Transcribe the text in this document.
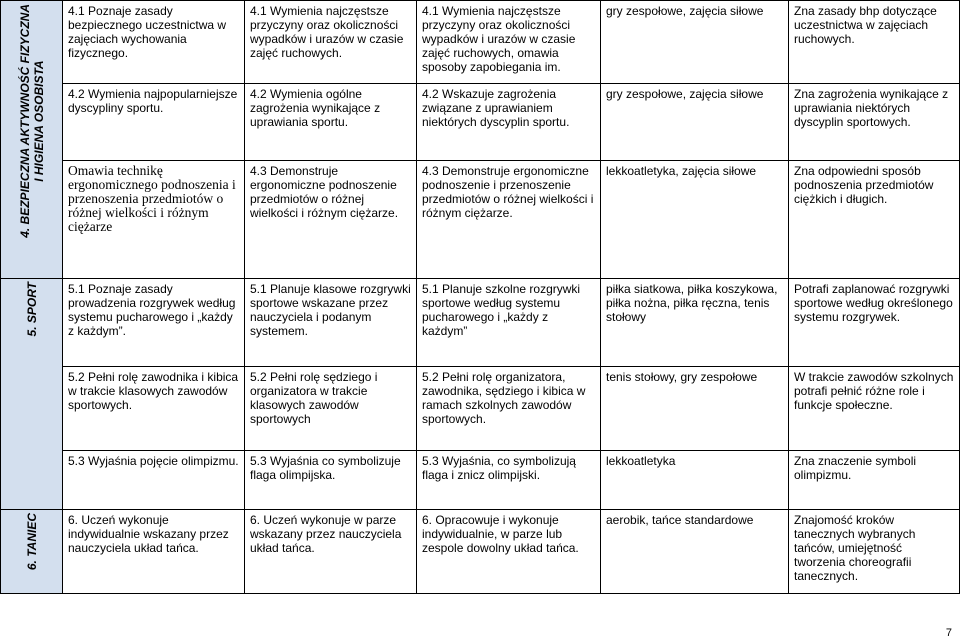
4. BEZPIECZNA AKTYWNOŚĆ FIZYCZNA
I HIGIENA OSOBISTA	4.1 Poznaje zasady bezpiecznego uczestnictwa w zajęciach wychowania fizycznego.	4.1 Wymienia najczęstsze przyczyny oraz okoliczności wypadków i urazów w czasie zajęć ruchowych.	4.1 Wymienia najczęstsze przyczyny oraz okoliczności wypadków i urazów w czasie zajęć ruchowych, omawia sposoby zapobiegania im.	gry zespołowe, zajęcia siłowe	Zna zasady bhp dotyczące uczestnictwa w zajęciach ruchowych.
	4.2 Wymienia najpopularniejsze dyscypliny sportu.	4.2 Wymienia ogólne zagrożenia wynikające z uprawiania sportu.	4.2 Wskazuje zagrożenia związane z uprawianiem niektórych dyscyplin sportu.	gry zespołowe, zajęcia siłowe	Zna zagrożenia wynikające z uprawiania niektórych dyscyplin sportowych.
	Omawia technikę ergonomicznego podnoszenia i przenoszenia przedmiotów o różnej wielkości i różnym ciężarze	4.3 Demonstruje ergonomiczne podnoszenie przedmiotów o różnej wielkości i różnym ciężarze.	4.3 Demonstruje ergonomiczne podnoszenie i przenoszenie przedmiotów o różnej wielkości i różnym ciężarze.	lekkoatletyka, zajęcia siłowe	Zna odpowiedni sposób podnoszenia przedmiotów ciężkich i długich.
5. SPORT	5.1 Poznaje zasady prowadzenia rozgrywek według systemu pucharowego i „każdy z każdym”.	5.1 Planuje klasowe rozgrywki sportowe wskazane przez nauczyciela i podanym systemem.	5.1 Planuje szkolne rozgrywki sportowe według systemu pucharowego i „każdy z każdym”	piłka siatkowa, piłka koszykowa, piłka nożna, piłka ręczna, tenis stołowy	Potrafi zaplanować rozgrywki sportowe według określonego systemu rozgrywek.
	5.2 Pełni rolę zawodnika i kibica w trakcie klasowych zawodów sportowych.	5.2 Pełni rolę sędziego i organizatora w trakcie klasowych zawodów sportowych	5.2 Pełni rolę organizatora, zawodnika, sędziego i kibica w ramach szkolnych zawodów sportowych.	tenis stołowy, gry zespołowe	W trakcie zawodów szkolnych potrafi pełnić różne role i funkcje społeczne.
	5.3 Wyjaśnia pojęcie olimpizmu.	5.3 Wyjaśnia co symbolizuje flaga olimpijska.	5.3 Wyjaśnia, co symbolizują flaga i znicz olimpijski.	lekkoatletyka	Zna znaczenie symboli olimpizmu.
6. TANIEC	6. Uczeń wykonuje indywidualnie wskazany przez nauczyciela układ tańca.	6. Uczeń wykonuje w parze wskazany przez nauczyciela układ tańca.	6. Opracowuje i wykonuje indywidualnie, w parze lub zespole dowolny układ tańca.	aerobik, tańce standardowe	Znajomość kroków tanecznych wybranych tańców, umiejętność tworzenia choreografii tanecznych.
7
